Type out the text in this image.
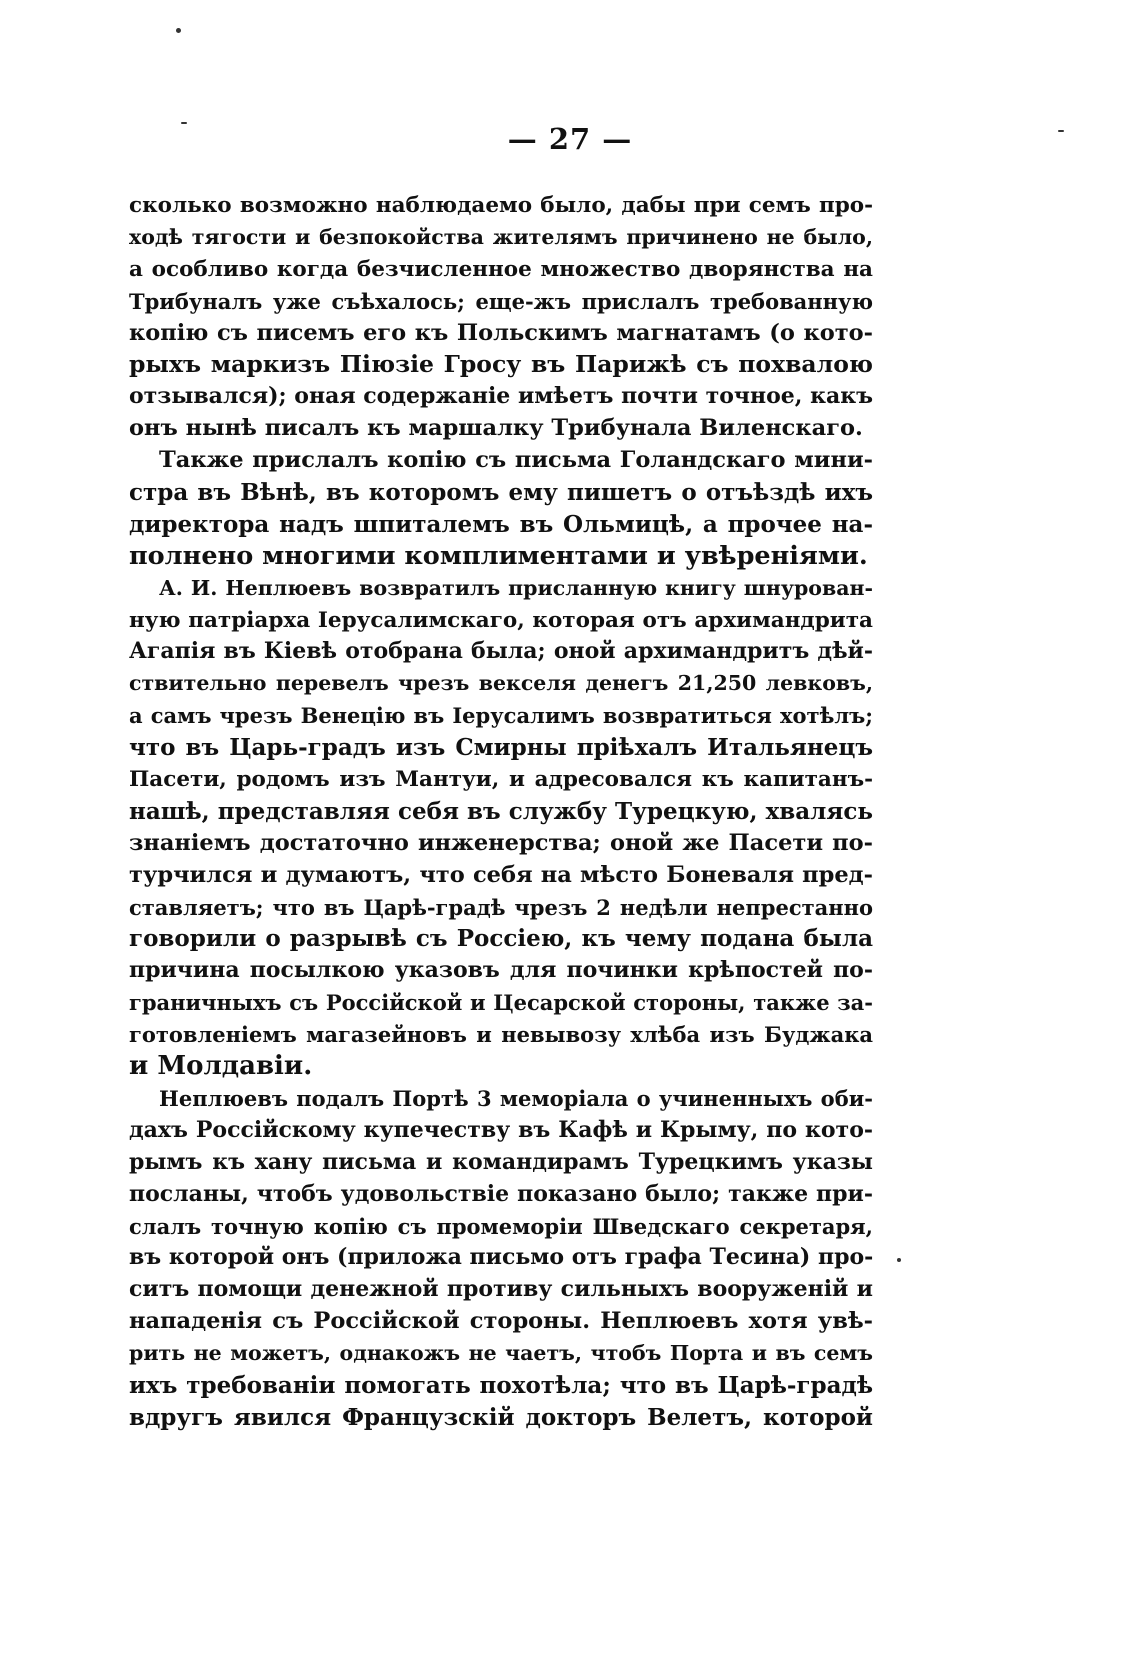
— 27 —
сколько возможно наблюдаемо было, дабы при семъ про-
ходѣ тягости и безпокойства жителямъ причинено не было,
а особливо когда безчисленное множество дворянства на
Трибуналъ уже съѣхалось; еще-жъ прислалъ требованную
копію съ писемъ его къ Польскимъ магнатамъ (о кото-
рыхъ маркизъ Піюзіе Гросу въ Парижѣ съ похвалою
отзывался); оная содержаніе имѣетъ почти точное, какъ
онъ нынѣ писалъ къ маршалку Трибунала Виленскаго.
Также прислалъ копію съ письма Голандскаго мини-
стра въ Вѣнѣ, въ которомъ ему пишетъ о отъѣздѣ ихъ
директора надъ шпиталемъ въ Ольмицѣ, а прочее на-
полнено многими комплиментами и увѣреніями.
А. И. Неплюевъ возвратилъ присланную книгу шнурован-
ную патріарха Іерусалимскаго, которая отъ архимандрита
Агапія въ Кіевѣ отобрана была; оной архимандритъ дѣй-
ствительно перевелъ чрезъ векселя денегъ 21,250 левковъ,
а самъ чрезъ Венецію въ Іерусалимъ возвратиться хотѣлъ;
что въ Царь-градъ изъ Смирны пріѣхалъ Итальянецъ
Пасети, родомъ изъ Мантуи, и адресовался къ капитанъ-
нашѣ, представляя себя въ службу Турецкую, хвалясь
знаніемъ достаточно инженерства; оной же Пасети по-
турчился и думаютъ, что себя на мѣсто Боневаля пред-
ставляетъ; что въ Царѣ-градѣ чрезъ 2 недѣли непрестанно
говорили о разрывѣ съ Россіею, къ чему подана была
причина посылкою указовъ для починки крѣпостей по-
граничныхъ съ Россійской и Цесарской стороны, также за-
готовленіемъ магазейновъ и невывозу хлѣба изъ Буджака
и Молдавіи.
Неплюевъ подалъ Портѣ 3 меморіала о учиненныхъ оби-
дахъ Россійскому купечеству въ Кафѣ и Крыму, по кото-
рымъ къ хану письма и командирамъ Турецкимъ указы
посланы, чтобъ удовольствіе показано было; также при-
слалъ точную копію съ промеморіи Шведскаго секретаря,
въ которой онъ (приложа письмо отъ графа Тесина) про-
ситъ помощи денежной противу сильныхъ вооруженій и
нападенія съ Россійской стороны. Неплюевъ хотя увѣ-
рить не можетъ, однакожъ не чаетъ, чтобъ Порта и въ семъ
ихъ требованіи помогать похотѣла; что въ Царѣ-градѣ
вдругъ явился Французскій докторъ Велетъ, которой
